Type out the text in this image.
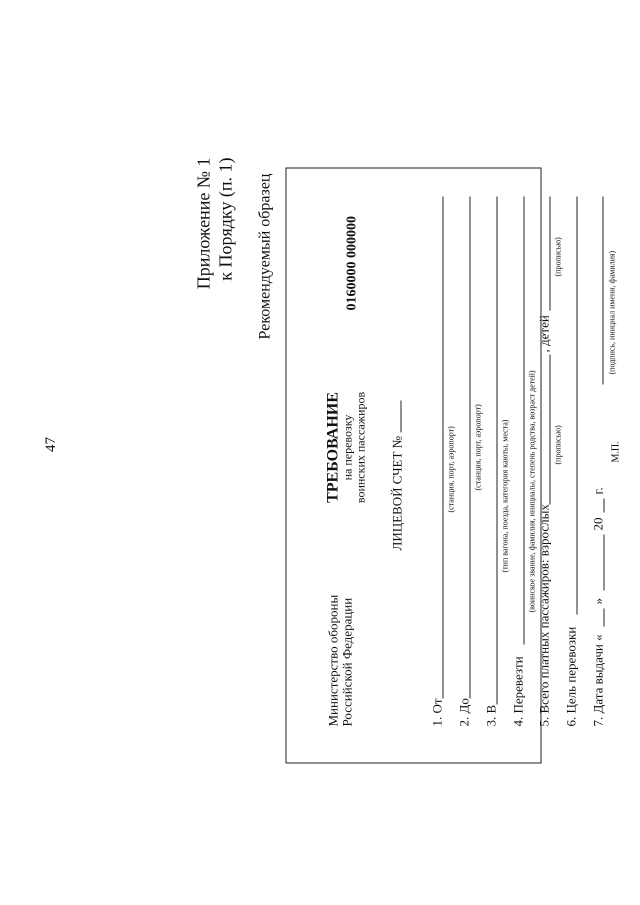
47
Приложение № 1 к Порядку (п. 1) Рекомендуемый образец
Министерство обороны Российской Федерации
ТРЕБОВАНИЕ на перевозку воинских пассажиров ЛИЦЕВОЙ СЧЕТ №
0160000 000000
1. От
(станция, порт, аэропорт)
2. До
(станция, порт, аэропорт)
3. В
(тип вагона, поезда, категория каюты, места)
4. Перевезти
(воинское звание, фамилия, инициалы, степень родства, возраст детей)
5. Всего платных пассажиров: взрослых
, детей
(прописью)
(прописью)
6. Цель перевозки 7. Дата выдачи «
»
20
г.
(подпись, инициал имени, фамилия)
М.П.
